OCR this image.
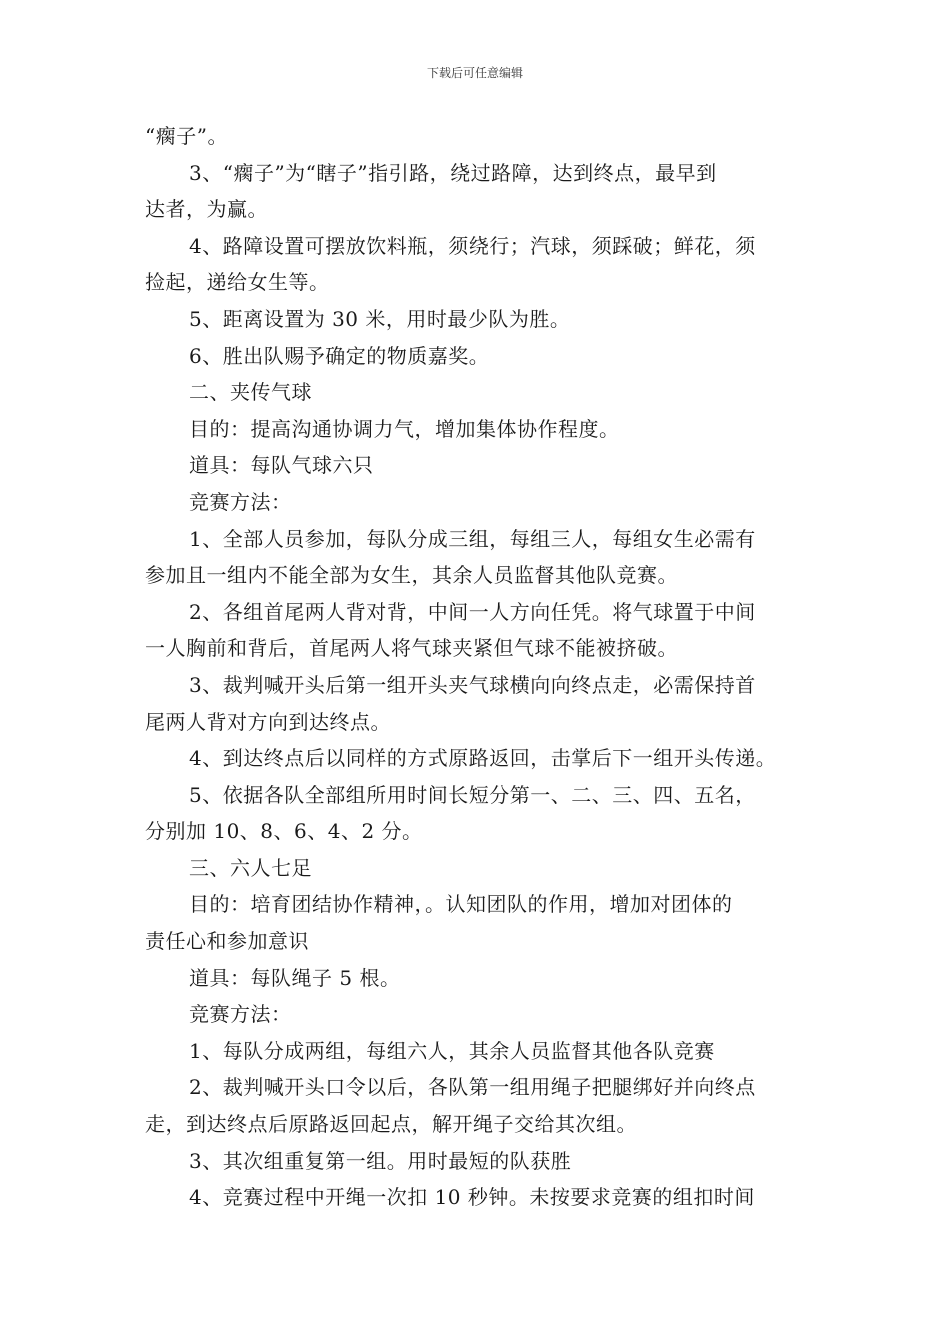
下载后可任意编辑
“瘸子”。
3、“瘸子”为“瞎子”指引路，绕过路障，达到终点，最早到
达者，为赢。
4、路障设置可摆放饮料瓶，须绕行；汽球，须踩破；鲜花，须
捡起，递给女生等。
5、距离设置为 30 米，用时最少队为胜。
6、胜出队赐予确定的物质嘉奖。
二、夹传气球
目的：提高沟通协调力气，增加集体协作程度。
道具：每队气球六只
竞赛方法：
1、全部人员参加，每队分成三组，每组三人，每组女生必需有
参加且一组内不能全部为女生，其余人员监督其他队竞赛。
2、各组首尾两人背对背，中间一人方向任凭。将气球置于中间
一人胸前和背后，首尾两人将气球夹紧但气球不能被挤破。
3、裁判喊开头后第一组开头夹气球横向向终点走，必需保持首
尾两人背对方向到达终点。
4、到达终点后以同样的方式原路返回，击掌后下一组开头传递。
5、依据各队全部组所用时间长短分第一、二、三、四、五名，
分别加 10、8、6、4、2 分。
三、六人七足
目的：培育团结协作精神，。认知团队的作用，增加对团体的
责任心和参加意识
道具：每队绳子 5 根。
竞赛方法：
1、每队分成两组，每组六人，其余人员监督其他各队竞赛
2、裁判喊开头口令以后，各队第一组用绳子把腿绑好并向终点
走，到达终点后原路返回起点，解开绳子交给其次组。
3、其次组重复第一组。用时最短的队获胜
4、竞赛过程中开绳一次扣 10 秒钟。未按要求竞赛的组扣时间
